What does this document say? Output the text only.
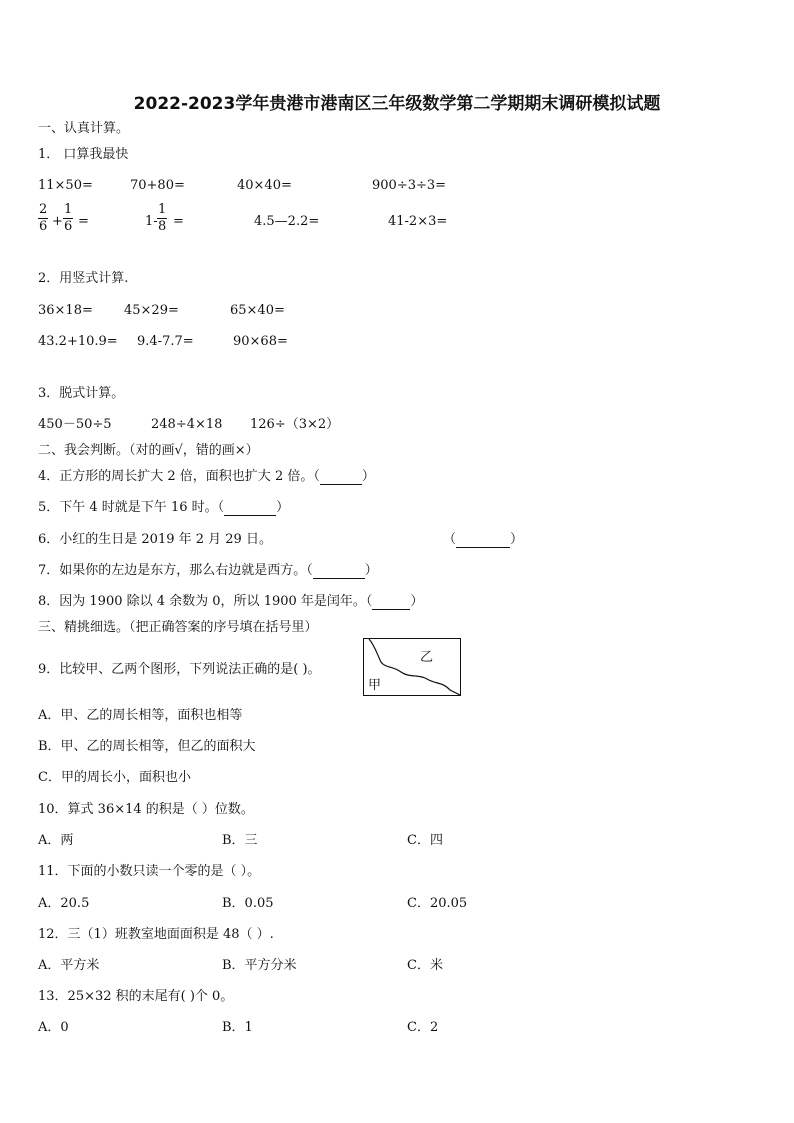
2022-2023学年贵港市港南区三年级数学第二学期期末调研模拟试题
一、认真计算。
1． 口算我最快
11×50=	70+80=	40×40=	900÷3÷3=
2
6 +
1
6 =	1-
1
8 =	4.5—2.2=	41-2×3=
2．用竖式计算.
36×18= 45×29=	65×40=
43.2+10.9= 9.4-7.7=	90×68=
3．脱式计算。
450－50÷5	248÷4×18 126÷（3×2）
二、我会判断。（对的画√，错的画×）
4．正方形的周长扩大 2 倍，面积也扩大 2 倍。（	）
5．下午 4 时就是下午 16 时。（	）
6．小红的生日是 2019 年 2 月 29 日。	（	）
7．如果你的左边是东方，那么右边就是西方。（	）
8．因为 1900 除以 4 余数为 0，所以 1900 年是闰年。（	）
三、精挑细选。（把正确答案的序号填在括号里）
9．比较甲、乙两个图形，下列说法正确的是( )。
甲
乙
A．甲、乙的周长相等，面积也相等
B．甲、乙的周长相等，但乙的面积大
C．甲的周长小，面积也小
10．算式 36×14 的积是（ ）位数。
A．两	B．三	C．四
11．下面的小数只读一个零的是（ ）。
A．20.5	B．0.05	C．20.05
12．三（1）班教室地面面积是 48（ ）.
A．平方米	B．平方分米	C．米
13．25×32 积的末尾有( )个 0。
A．0	B．1	C．2
